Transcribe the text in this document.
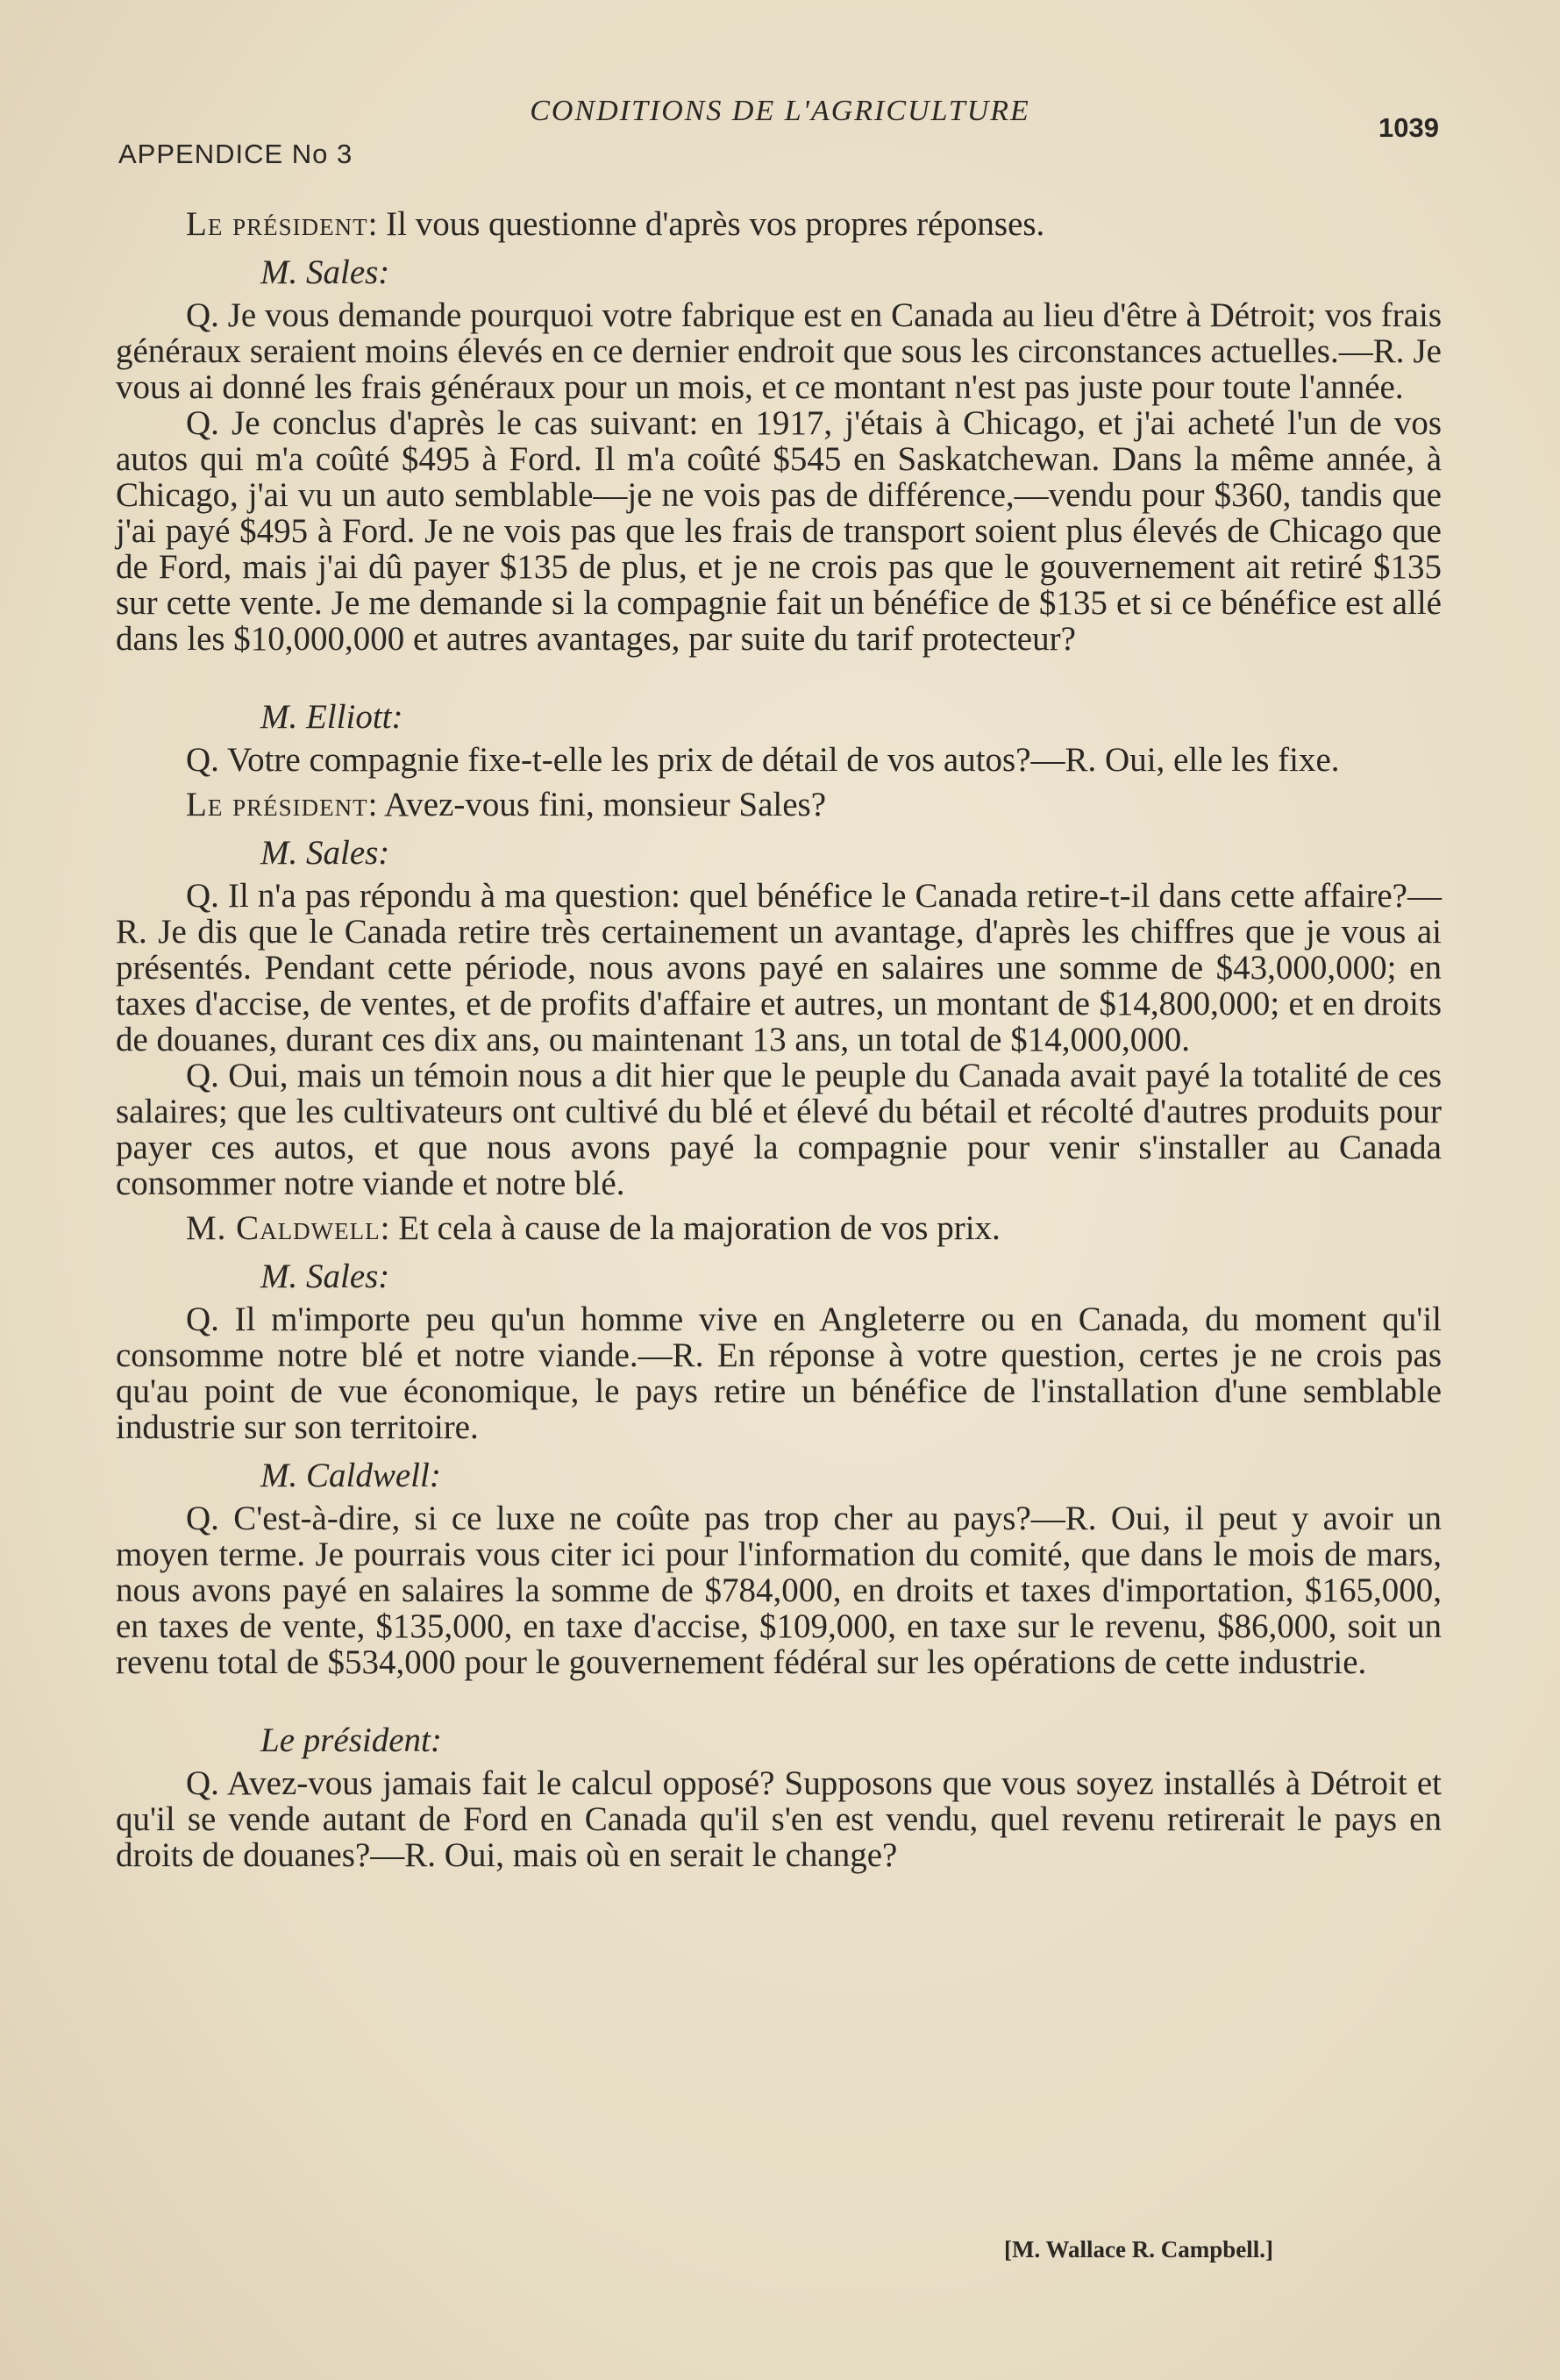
CONDITIONS DE L'AGRICULTURE
APPENDICE No 3
1039

Le président: Il vous questionne d'après vos propres réponses.

M. Sales:

Q. Je vous demande pourquoi votre fabrique est en Canada au lieu d'être à Détroit; vos frais généraux seraient moins élevés en ce dernier endroit que sous les circonstances actuelles.—R. Je vous ai donné les frais généraux pour un mois, et ce montant n'est pas juste pour toute l'année.

Q. Je conclus d'après le cas suivant: en 1917, j'étais à Chicago, et j'ai acheté l'un de vos autos qui m'a coûté $495 à Ford. Il m'a coûté $545 en Saskatchewan. Dans la même année, à Chicago, j'ai vu un auto semblable—je ne vois pas de différence,—vendu pour $360, tandis que j'ai payé $495 à Ford. Je ne vois pas que les frais de transport soient plus élevés de Chicago que de Ford, mais j'ai dû payer $135 de plus, et je ne crois pas que le gouvernement ait retiré $135 sur cette vente. Je me demande si la compagnie fait un bénéfice de $135 et si ce bénéfice est allé dans les $10,000,000 et autres avantages, par suite du tarif protecteur?

M. Elliott:

Q. Votre compagnie fixe-t-elle les prix de détail de vos autos?—R. Oui, elle les fixe.

Le président: Avez-vous fini, monsieur Sales?

M. Sales:

Q. Il n'a pas répondu à ma question: quel bénéfice le Canada retire-t-il dans cette affaire?—R. Je dis que le Canada retire très certainement un avantage, d'après les chiffres que je vous ai présentés. Pendant cette période, nous avons payé en salaires une somme de $43,000,000; en taxes d'accise, de ventes, et de profits d'affaire et autres, un montant de $14,800,000; et en droits de douanes, durant ces dix ans, ou maintenant 13 ans, un total de $14,000,000.

Q. Oui, mais un témoin nous a dit hier que le peuple du Canada avait payé la totalité de ces salaires; que les cultivateurs ont cultivé du blé et élevé du bétail et récolté d'autres produits pour payer ces autos, et que nous avons payé la compagnie pour venir s'installer au Canada consommer notre viande et notre blé.

M. Caldwell: Et cela à cause de la majoration de vos prix.

M. Sales:

Q. Il m'importe peu qu'un homme vive en Angleterre ou en Canada, du moment qu'il consomme notre blé et notre viande.—R. En réponse à votre question, certes je ne crois pas qu'au point de vue économique, le pays retire un bénéfice de l'installation d'une semblable industrie sur son territoire.

M. Caldwell:

Q. C'est-à-dire, si ce luxe ne coûte pas trop cher au pays?—R. Oui, il peut y avoir un moyen terme. Je pourrais vous citer ici pour l'information du comité, que dans le mois de mars, nous avons payé en salaires la somme de $784,000, en droits et taxes d'importation, $165,000, en taxes de vente, $135,000, en taxe d'accise, $109,000, en taxe sur le revenu, $86,000, soit un revenu total de $534,000 pour le gouvernement fédéral sur les opérations de cette industrie.

Le président:

Q. Avez-vous jamais fait le calcul opposé? Supposons que vous soyez installés à Détroit et qu'il se vende autant de Ford en Canada qu'il s'en est vendu, quel revenu retirerait le pays en droits de douanes?—R. Oui, mais où en serait le change?

[M. Wallace R. Campbell.]
